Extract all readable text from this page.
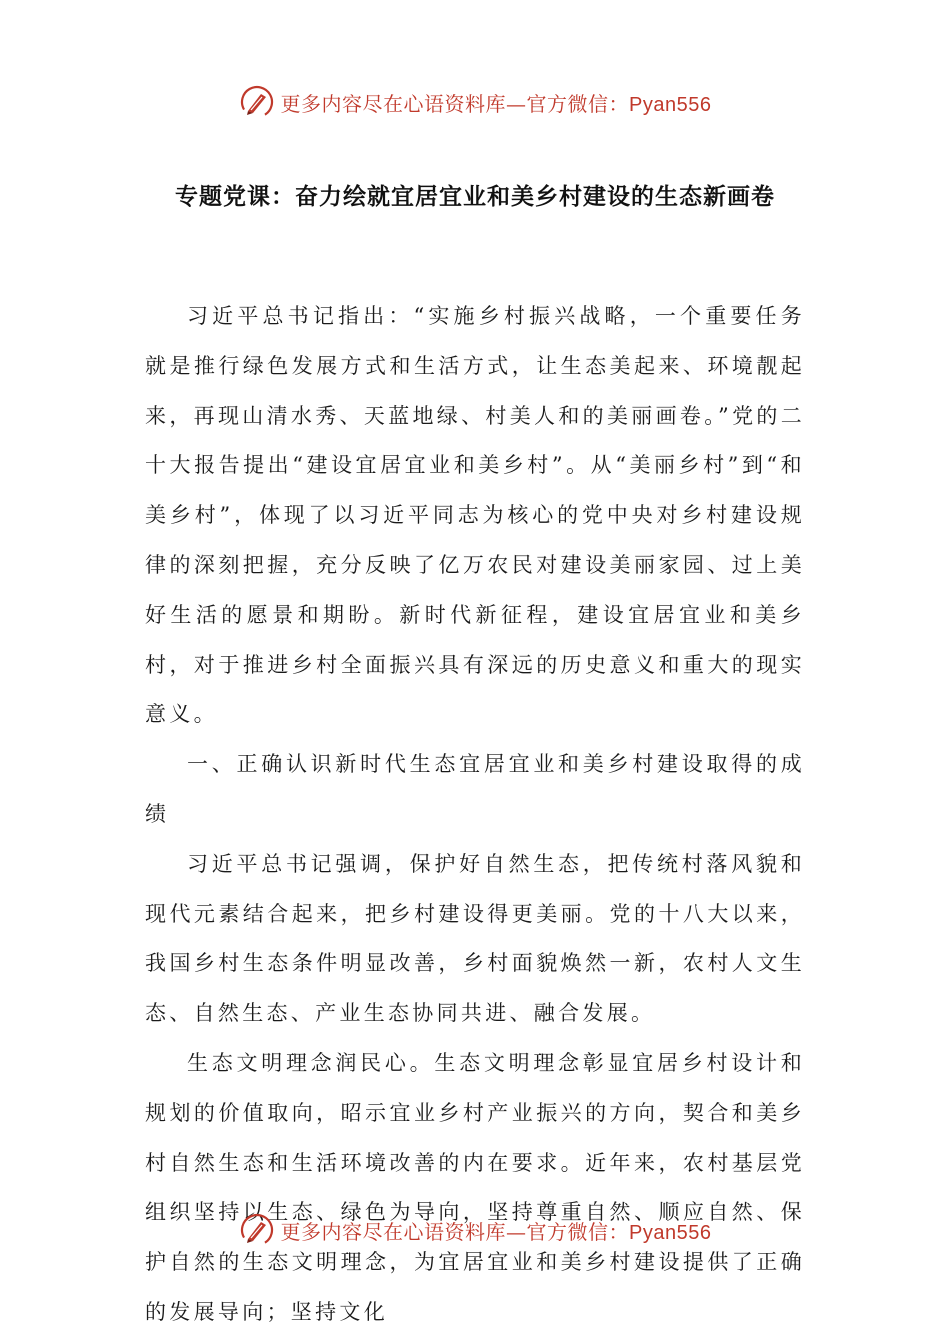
更多内容尽在心语资料库—官方微信：Pyan556
专题党课：奋力绘就宜居宜业和美乡村建设的生态新画卷

习近平总书记指出：“实施乡村振兴战略，一个重要任务就是推行绿色发展方式和生活方式，让生态美起来、环境靓起来，再现山清水秀、天蓝地绿、村美人和的美丽画卷。”党的二十大报告提出“建设宜居宜业和美乡村”。从“美丽乡村”到“和美乡村”，体现了以习近平同志为核心的党中央对乡村建设规律的深刻把握，充分反映了亿万农民对建设美丽家园、过上美好生活的愿景和期盼。新时代新征程，建设宜居宜业和美乡村，对于推进乡村全面振兴具有深远的历史意义和重大的现实意义。

一、正确认识新时代生态宜居宜业和美乡村建设取得的成绩

习近平总书记强调，保护好自然生态，把传统村落风貌和现代元素结合起来，把乡村建设得更美丽。党的十八大以来，我国乡村生态条件明显改善，乡村面貌焕然一新，农村人文生态、自然生态、产业生态协同共进、融合发展。

生态文明理念润民心。生态文明理念彰显宜居乡村设计和规划的价值取向，昭示宜业乡村产业振兴的方向，契合和美乡村自然生态和生活环境改善的内在要求。近年来，农村基层党组织坚持以生态、绿色为导向，坚持尊重自然、顺应自然、保护自然的生态文明理念，为宜居宜业和美乡村建设提供了正确的发展导向；坚持文化

更多内容尽在心语资料库—官方微信：Pyan556
